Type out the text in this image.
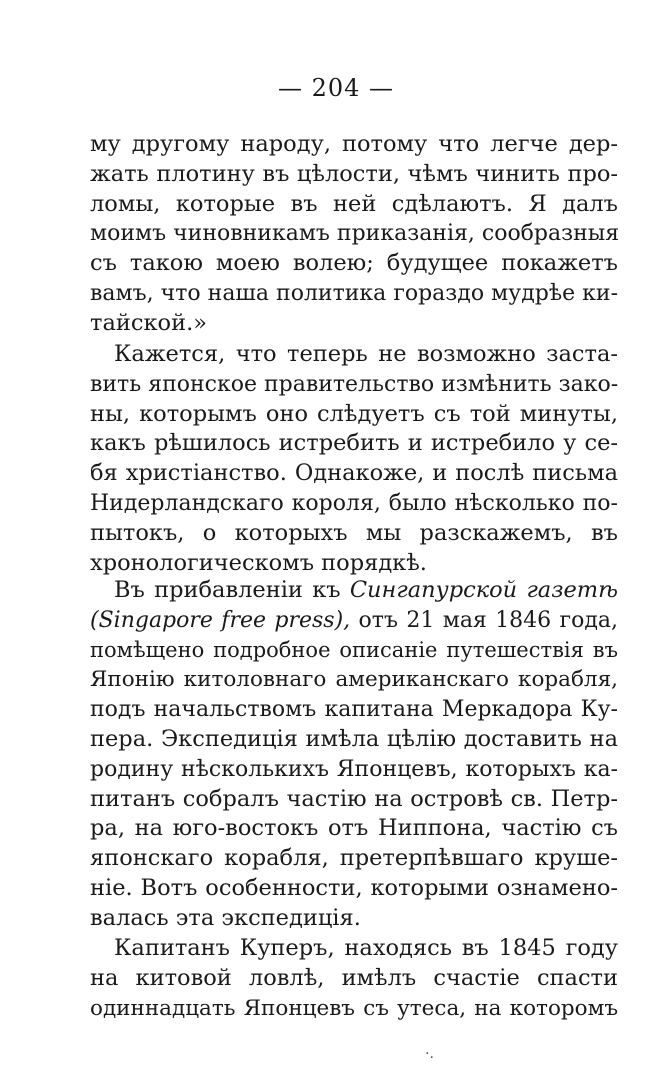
— 204 —
му другому народу, потому что легче дер-
жать плотину въ цѣлости, чѣмъ чинить про-
ломы, которые въ ней сдѣлаютъ. Я далъ
моимъ чиновникамъ приказанія, сообразныя
съ такою моею волею; будущее покажетъ
вамъ, что наша политика гораздо мудрѣе ки-
тайской.»
Кажется, что теперь не возможно заста-
вить японское правительство измѣнить зако-
ны, которымъ оно слѣдуетъ съ той минуты,
какъ рѣшилось истребить и истребило у се-
бя христіанство. Однакоже, и послѣ письма
Нидерландскаго короля, было нѣсколько по-
пытокъ, о которыхъ мы разскажемъ, въ
хронологическомъ порядкѣ.
Въ прибавленіи къ Сингапурской газетѣ
(Singapore free press), отъ 21 мая 1846 года,
помѣщено подробное описаніе путешествія въ
Японію китоловнаго американскаго корабля,
подъ начальствомъ капитана Меркадора Ку-
пера. Экспедиція имѣла цѣлію доставить на
родину нѣсколькихъ Японцевъ, которыхъ ка-
питанъ собралъ частію на островѣ св. Петр-
ра, на юго-востокъ отъ Ниппона, частію съ
японскаго корабля, претерпѣвшаго круше-
ніе. Вотъ особенности, которыми ознамено-
валась эта экспедиція.
Капитанъ Куперъ, находясь въ 1845 году
на китовой ловлѣ, имѣлъ счастіе спасти
одиннадцать Японцевъ съ утеса, на которомъ
·.
